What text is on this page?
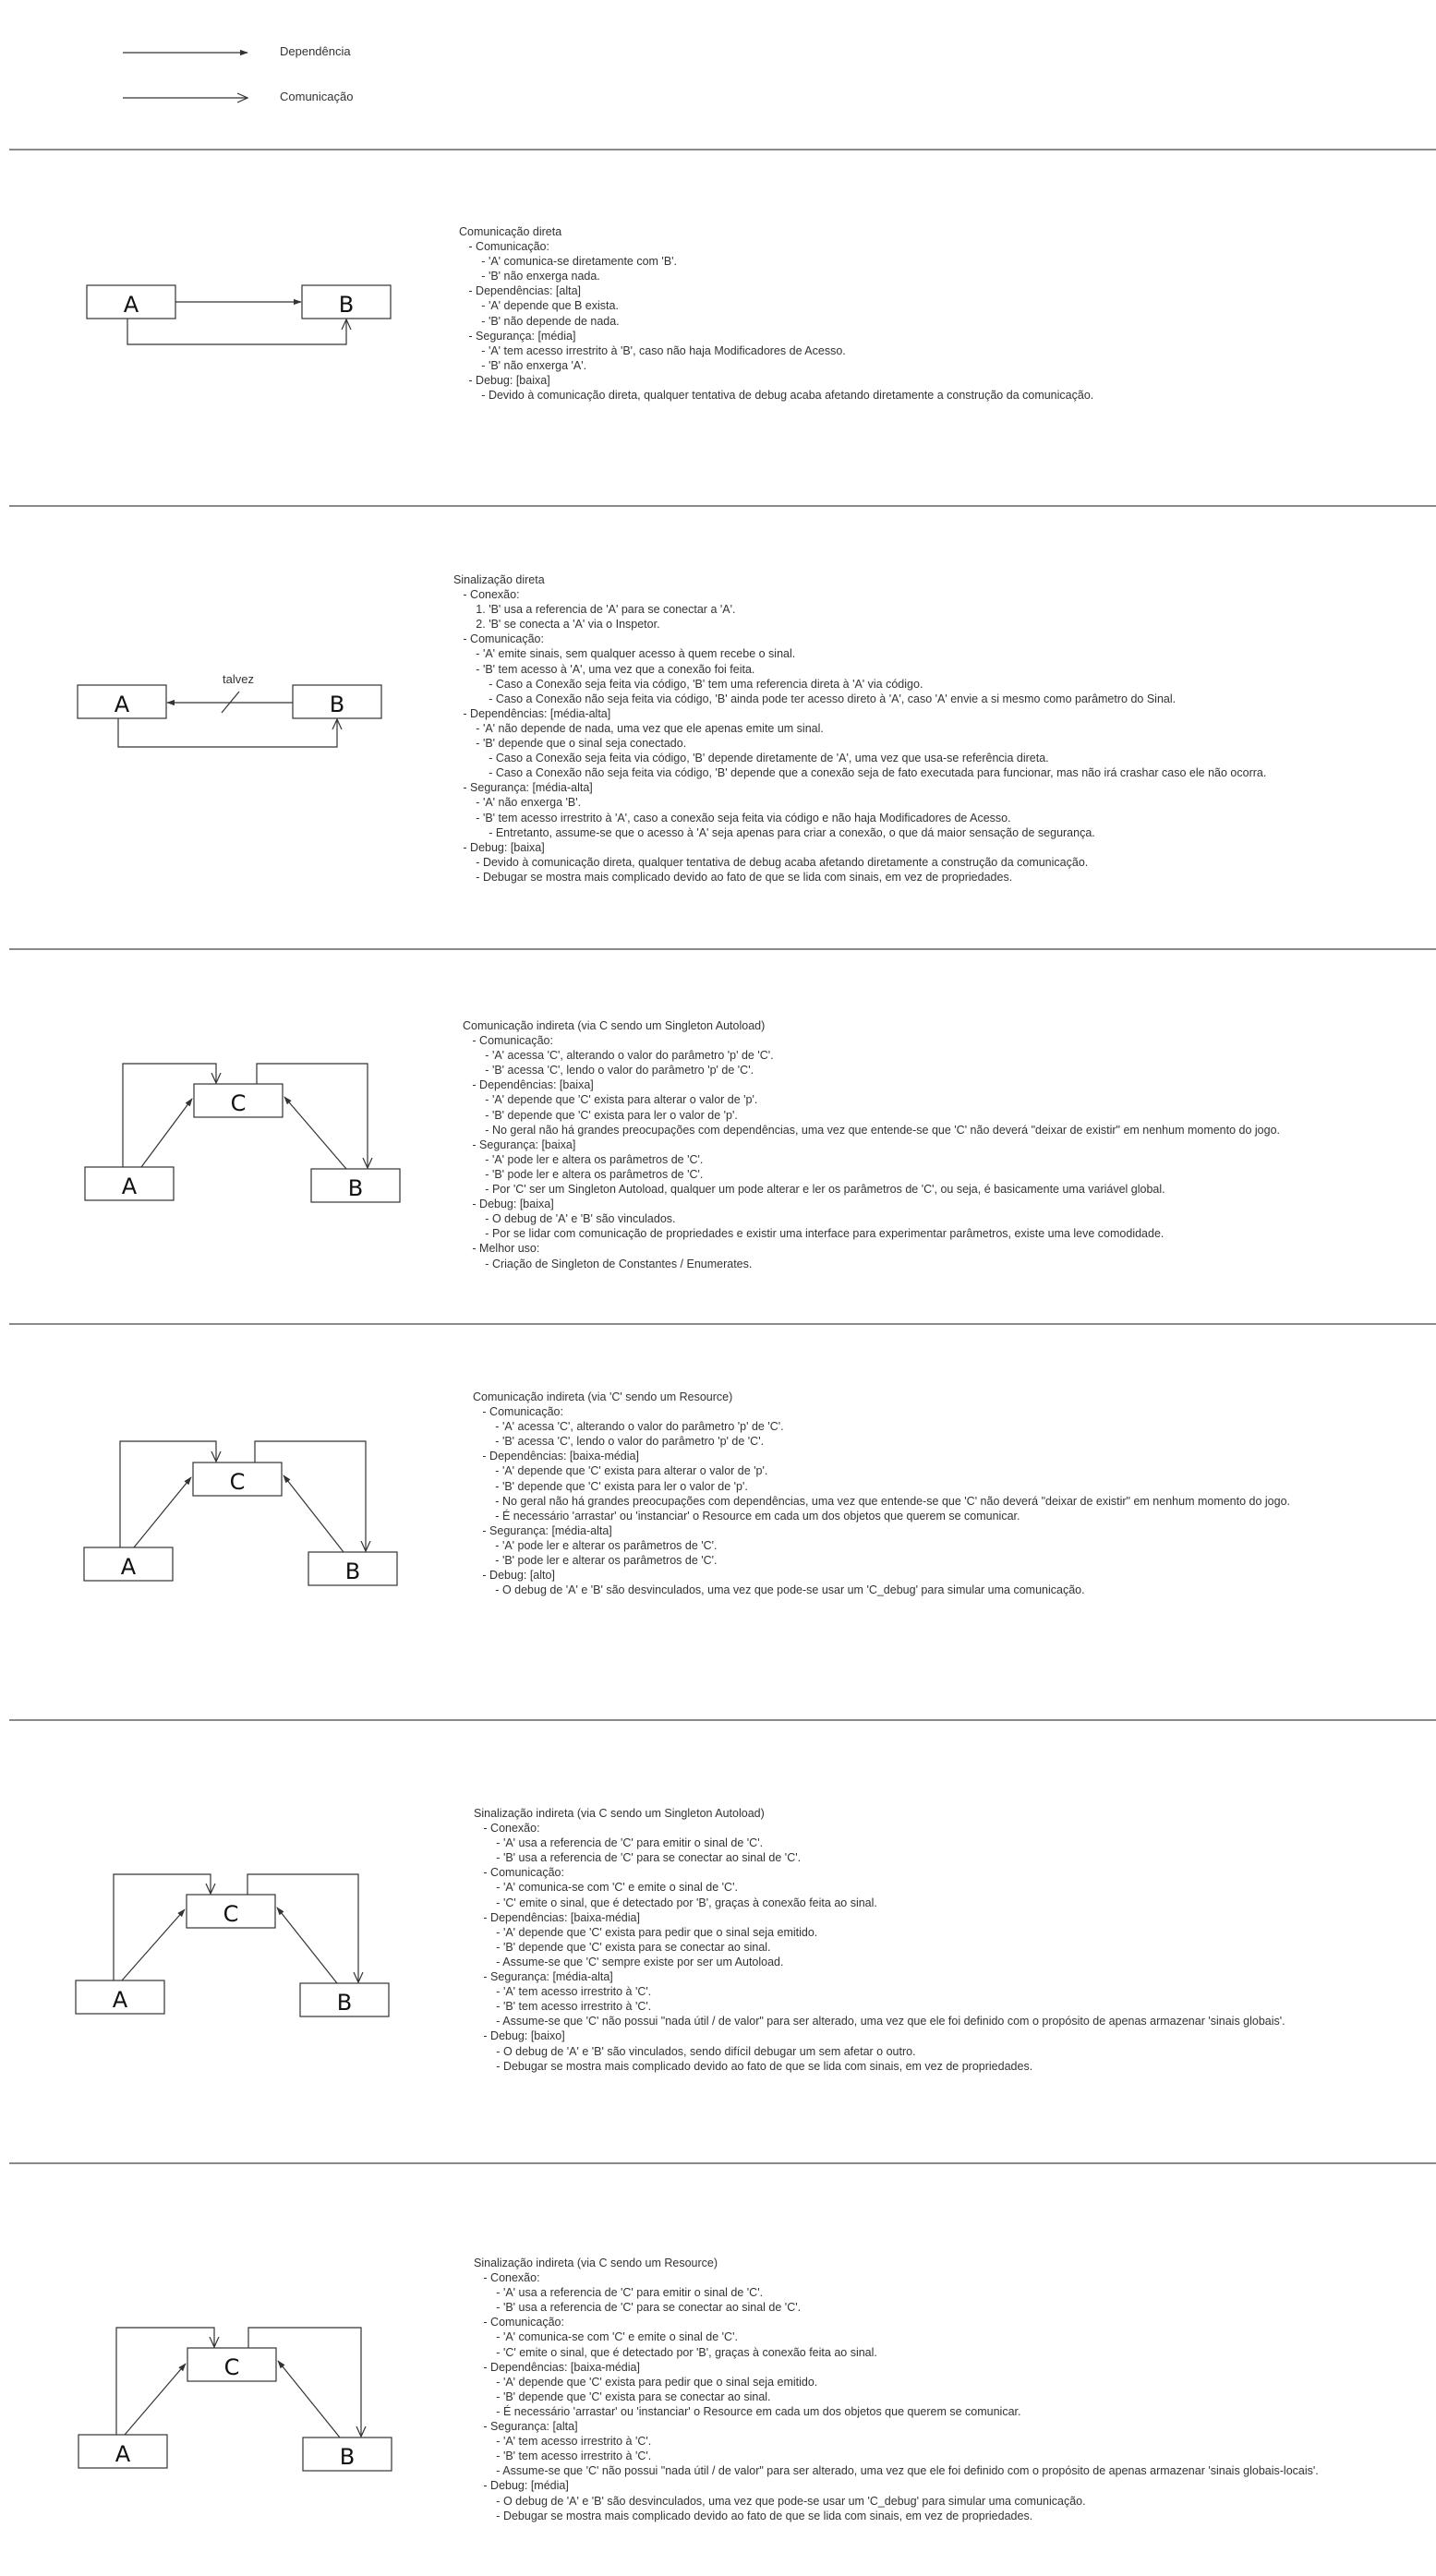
A	B
A	B
talvez
C
A	B
C
A	B
C
A	B
C
A	B
Dependência
Comunicação
Comunicação direta
- Comunicação:
- 'A' comunica-se diretamente com 'B'.
- 'B' não enxerga nada.
- Dependências: [alta]
- 'A' depende que B exista.
- 'B' não depende de nada.
- Segurança: [média]
- 'A' tem acesso irrestrito à 'B', caso não haja Modificadores de Acesso.
- 'B' não enxerga 'A'.
- Debug: [baixa]
- Devido à comunicação direta, qualquer tentativa de debug acaba afetando diretamente a construção da comunicação.
Sinalização direta
- Conexão:
1. 'B' usa a referencia de 'A' para se conectar a 'A'.
2. 'B' se conecta a 'A' via o Inspetor.
- Comunicação:
- 'A' emite sinais, sem qualquer acesso à quem recebe o sinal.
- 'B' tem acesso à 'A', uma vez que a conexão foi feita.
- Caso a Conexão seja feita via código, 'B' tem uma referencia direta à 'A' via código.
- Caso a Conexão não seja feita via código, 'B' ainda pode ter acesso direto à 'A', caso 'A' envie a si mesmo como parâmetro do Sinal.
- Dependências: [média-alta]
- 'A' não depende de nada, uma vez que ele apenas emite um sinal.
- 'B' depende que o sinal seja conectado.
- Caso a Conexão seja feita via código, 'B' depende diretamente de 'A', uma vez que usa-se referência direta.
- Caso a Conexão não seja feita via código, 'B' depende que a conexão seja de fato executada para funcionar, mas não irá crashar caso ele não ocorra.
- Segurança: [média-alta]
- 'A' não enxerga 'B'.
- 'B' tem acesso irrestrito à 'A', caso a conexão seja feita via código e não haja Modificadores de Acesso.
- Entretanto, assume-se que o acesso à 'A' seja apenas para criar a conexão, o que dá maior sensação de segurança.
- Debug: [baixa]
- Devido à comunicação direta, qualquer tentativa de debug acaba afetando diretamente a construção da comunicação.
- Debugar se mostra mais complicado devido ao fato de que se lida com sinais, em vez de propriedades.
Comunicação indireta (via C sendo um Singleton Autoload)
- Comunicação:
- 'A' acessa 'C', alterando o valor do parâmetro 'p' de 'C'.
- 'B' acessa 'C', lendo o valor do parâmetro 'p' de 'C'.
- Dependências: [baixa]
- 'A' depende que 'C' exista para alterar o valor de 'p'.
- 'B' depende que 'C' exista para ler o valor de 'p'.
- No geral não há grandes preocupações com dependências, uma vez que entende-se que 'C' não deverá "deixar de existir" em nenhum momento do jogo.
- Segurança: [baixa]
- 'A' pode ler e altera os parâmetros de 'C'.
- 'B' pode ler e altera os parâmetros de 'C'.
- Por 'C' ser um Singleton Autoload, qualquer um pode alterar e ler os parâmetros de 'C', ou seja, é basicamente uma variável global.
- Debug: [baixa]
- O debug de 'A' e 'B' são vinculados.
- Por se lidar com comunicação de propriedades e existir uma interface para experimentar parâmetros, existe uma leve comodidade.
- Melhor uso:
- Criação de Singleton de Constantes / Enumerates.
Comunicação indireta (via 'C' sendo um Resource)
- Comunicação:
- 'A' acessa 'C', alterando o valor do parâmetro 'p' de 'C'.
- 'B' acessa 'C', lendo o valor do parâmetro 'p' de 'C'.
- Dependências: [baixa-média]
- 'A' depende que 'C' exista para alterar o valor de 'p'.
- 'B' depende que 'C' exista para ler o valor de 'p'.
- No geral não há grandes preocupações com dependências, uma vez que entende-se que 'C' não deverá "deixar de existir" em nenhum momento do jogo.
- É necessário 'arrastar' ou 'instanciar' o Resource em cada um dos objetos que querem se comunicar.
- Segurança: [média-alta]
- 'A' pode ler e alterar os parâmetros de 'C'.
- 'B' pode ler e alterar os parâmetros de 'C'.
- Debug: [alto]
- O debug de 'A' e 'B' são desvinculados, uma vez que pode-se usar um 'C_debug' para simular uma comunicação.
Sinalização indireta (via C sendo um Singleton Autoload)
- Conexão:
- 'A' usa a referencia de 'C' para emitir o sinal de 'C'.
- 'B' usa a referencia de 'C' para se conectar ao sinal de 'C'.
- Comunicação:
- 'A' comunica-se com 'C' e emite o sinal de 'C'.
- 'C' emite o sinal, que é detectado por 'B', graças à conexão feita ao sinal.
- Dependências: [baixa-média]
- 'A' depende que 'C' exista para pedir que o sinal seja emitido.
- 'B' depende que 'C' exista para se conectar ao sinal.
- Assume-se que 'C' sempre existe por ser um Autoload.
- Segurança: [média-alta]
- 'A' tem acesso irrestrito à 'C'.
- 'B' tem acesso irrestrito à 'C'.
- Assume-se que 'C' não possui "nada útil / de valor" para ser alterado, uma vez que ele foi definido com o propósito de apenas armazenar 'sinais globais'.
- Debug: [baixo]
- O debug de 'A' e 'B' são vinculados, sendo difícil debugar um sem afetar o outro.
- Debugar se mostra mais complicado devido ao fato de que se lida com sinais, em vez de propriedades.
Sinalização indireta (via C sendo um Resource)
- Conexão:
- 'A' usa a referencia de 'C' para emitir o sinal de 'C'.
- 'B' usa a referencia de 'C' para se conectar ao sinal de 'C'.
- Comunicação:
- 'A' comunica-se com 'C' e emite o sinal de 'C'.
- 'C' emite o sinal, que é detectado por 'B', graças à conexão feita ao sinal.
- Dependências: [baixa-média]
- 'A' depende que 'C' exista para pedir que o sinal seja emitido.
- 'B' depende que 'C' exista para se conectar ao sinal.
- É necessário 'arrastar' ou 'instanciar' o Resource em cada um dos objetos que querem se comunicar.
- Segurança: [alta]
- 'A' tem acesso irrestrito à 'C'.
- 'B' tem acesso irrestrito à 'C'.
- Assume-se que 'C' não possui "nada útil / de valor" para ser alterado, uma vez que ele foi definido com o propósito de apenas armazenar 'sinais globais-locais'.
- Debug: [média]
- O debug de 'A' e 'B' são desvinculados, uma vez que pode-se usar um 'C_debug' para simular uma comunicação.
- Debugar se mostra mais complicado devido ao fato de que se lida com sinais, em vez de propriedades.
